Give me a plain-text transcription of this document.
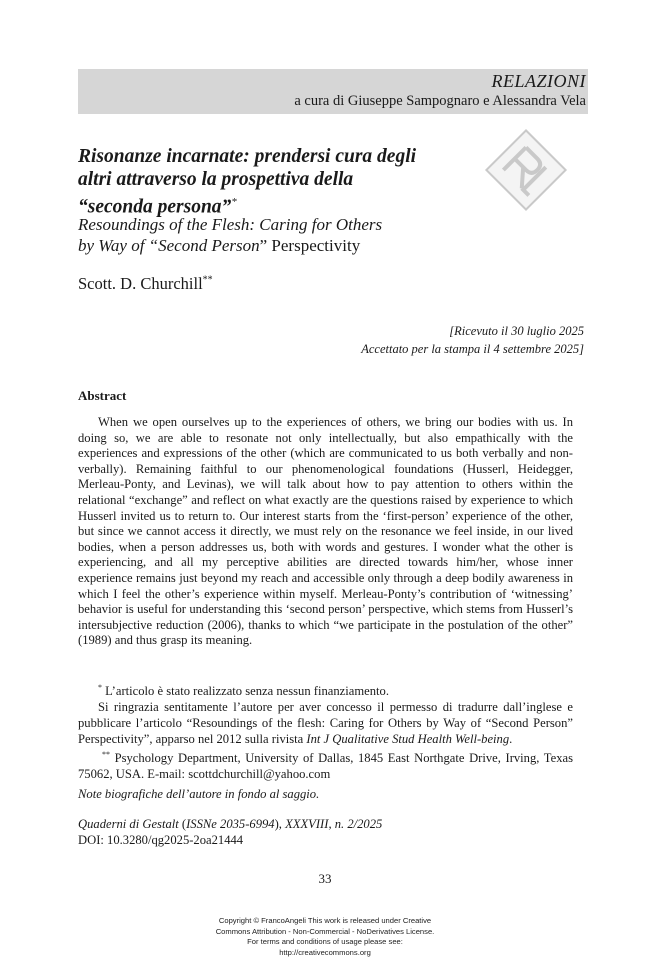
RELAZIONI
a cura di Giuseppe Sampognaro e Alessandra Vela
Risonanze incarnate: prendersi cura degli
altri attraverso la prospettiva della
“seconda persona”*
Resoundings of the Flesh: Caring for Others
by Way of “Second Person” Perspectivity
Scott. D. Churchill**
[Ricevuto il 30 luglio 2025
Accettato per la stampa il 4 settembre 2025]
Abstract
When we open ourselves up to the experiences of others, we bring our bodies with us. In doing so, we are able to resonate not only intellectually, but also empathically with the experiences and expressions of the other (which are communicated to us both verbally and non-verbally). Remaining faithful to our phenomenological foundations (Husserl, Heidegger, Merleau-Ponty, and Levinas), we will talk about how to pay attention to others within the relational “exchange” and reflect on what exactly are the questions raised by experience to which Husserl invited us to return to. Our interest starts from the ‘first-person’ experience of the other, but since we cannot access it directly, we must rely on the resonance we feel inside, in our lived bodies, when a person addresses us, both with words and gestures. I wonder what the other is experiencing, and all my perceptive abilities are directed towards him/her, whose inner experience remains just beyond my reach and accessible only through a deep bodily awareness in which I feel the other’s experience within myself. Merleau-Ponty’s contribution of ‘witnessing’ behavior is useful for understanding this ‘second person’ perspective, which stems from Husserl’s intersubjective reduction (2006), thanks to which “we participate in the postulation of the other” (1989) and thus grasp its meaning.

* L’articolo è stato realizzato senza nessun finanziamento.

Si ringrazia sentitamente l’autore per aver concesso il permesso di tradurre dall’inglese e pubblicare l’articolo “Resoundings of the flesh: Caring for Others by Way of “Second Person” Perspectivity”, apparso nel 2012 sulla rivista Int J Qualitative Stud Health Well-being.

** Psychology Department, University of Dallas, 1845 East Northgate Drive, Irving, Texas 75062, USA. E-mail: scottdchurchill@yahoo.com

Note biografiche dell’autore in fondo al saggio.
Quaderni di Gestalt (ISSNe 2035-6994), XXXVIII, n. 2/2025
DOI: 10.3280/qg2025-2oa21444
33
Copyright © FrancoAngeli This work is released under Creative
Commons Attribution - Non-Commercial - NoDerivatives License.
For terms and conditions of usage please see:
http://creativecommons.org
